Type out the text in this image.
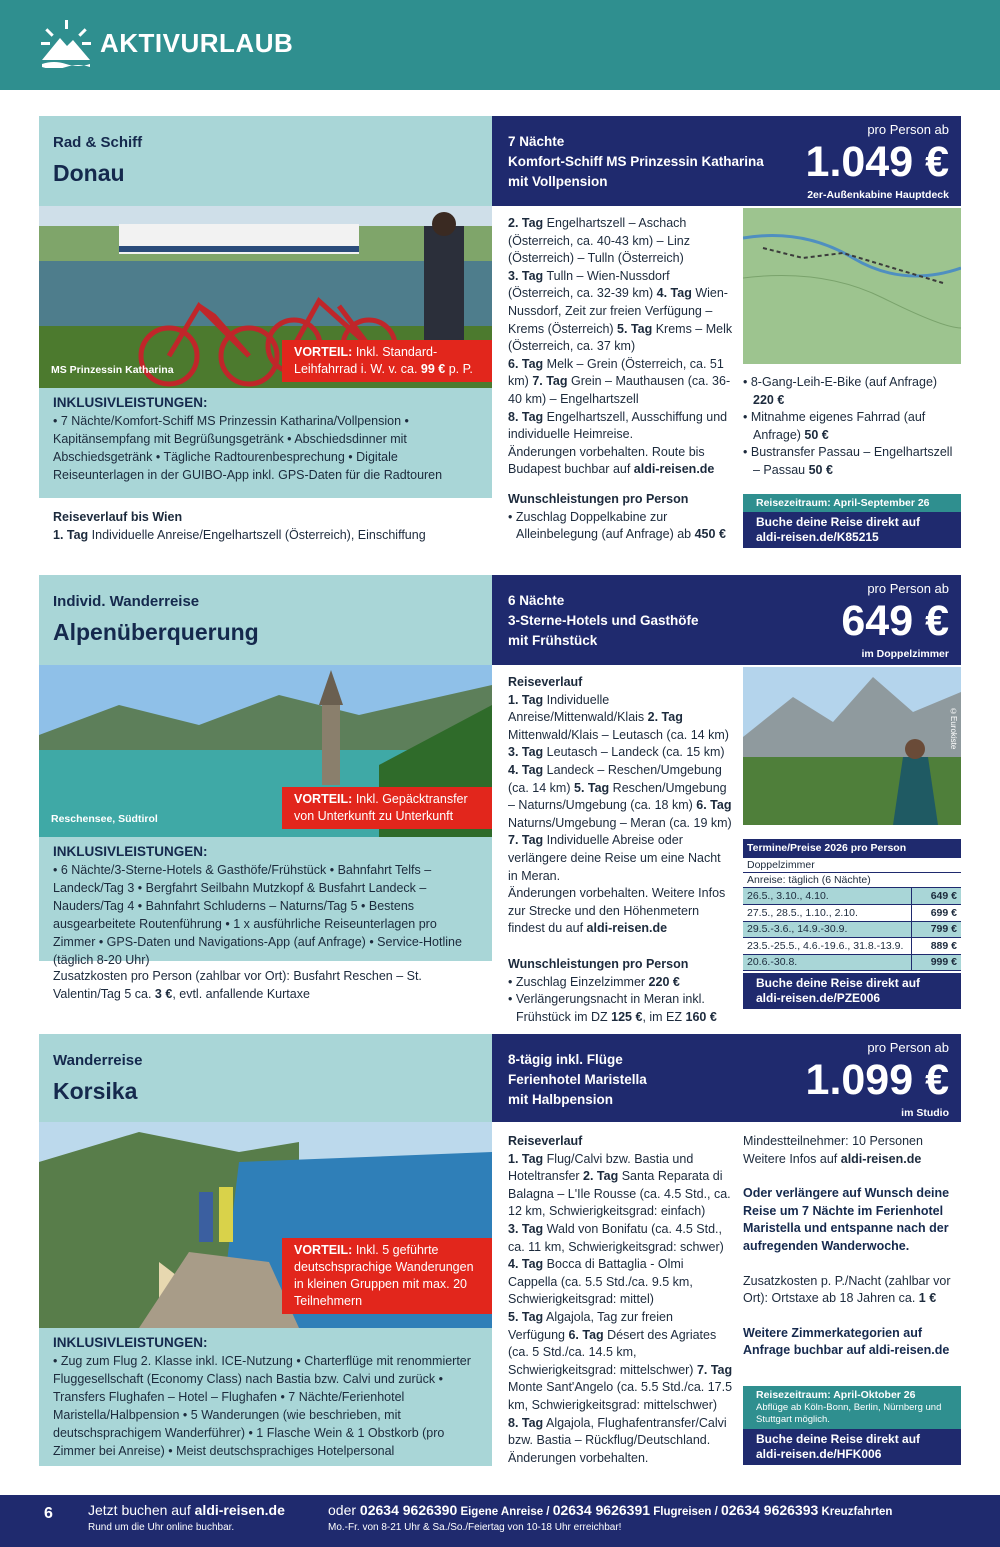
AKTIVURLAUB
Rad & Schiff
Donau
7 Nächte
Komfort-Schiff MS Prinzessin Katharina
mit Vollpension
pro Person ab
1.049 €
2er-Außenkabine Hauptdeck
MS Prinzessin Katharina
VORTEIL: Inkl. Standard-Leihfahrrad i. W. v. ca. 99 € p. P.
INKLUSIVLEISTUNGEN:
• 7 Nächte/Komfort-Schiff MS Prinzessin Katharina/Vollpension • Kapitänsempfang mit Begrüßungsgetränk • Abschiedsdinner mit Abschiedsgetränk • Tägliche Radtourenbesprechung • Digitale Reiseunterlagen in der GUIBO-App inkl. GPS-Daten für die Radtouren
Reiseverlauf bis Wien
1. Tag Individuelle Anreise/Engelhartszell (Österreich), Einschiffung
2. Tag Engelhartszell – Aschach (Österreich, ca. 40-43 km) – Linz (Österreich) – Tulln (Österreich)
3. Tag Tulln – Wien-Nussdorf (Österreich, ca. 32-39 km) 4. Tag Wien-Nussdorf, Zeit zur freien Verfügung – Krems (Österreich) 5. Tag Krems – Melk (Österreich, ca. 37 km)
6. Tag Melk – Grein (Österreich, ca. 51 km) 7. Tag Grein – Mauthausen (ca. 36-40 km) – Engelhartszell
8. Tag Engelhartszell, Ausschiffung und individuelle Heimreise.
Änderungen vorbehalten. Route bis Budapest buchbar auf aldi-reisen.de
Wunschleistungen pro Person
• Zuschlag Doppelkabine zur Alleinbelegung (auf Anfrage) ab 450 €
• 8-Gang-Leih-E-Bike (auf Anfrage) 220 €
• Mitnahme eigenes Fahrrad (auf Anfrage) 50 €
• Bustransfer Passau – Engelhartszell – Passau 50 €
Reisezeitraum: April-September 26
Buche deine Reise direkt auf
aldi-reisen.de/K85215
Individ. Wanderreise
Alpenüberquerung
6 Nächte
3-Sterne-Hotels und Gasthöfe
mit Frühstück
pro Person ab
649 €
im Doppelzimmer
Reschensee, Südtirol
VORTEIL: Inkl. Gepäcktransfer von Unterkunft zu Unterkunft
INKLUSIVLEISTUNGEN:
• 6 Nächte/3-Sterne-Hotels & Gasthöfe/Frühstück • Bahnfahrt Telfs – Landeck/Tag 3 • Bergfahrt Seilbahn Mutzkopf & Busfahrt Landeck – Nauders/Tag 4 • Bahnfahrt Schluderns – Naturns/Tag 5 • Bestens ausgearbeitete Routenführung • 1 x ausführliche Reiseunterlagen pro Zimmer • GPS-Daten und Navigations-App (auf Anfrage) • Service-Hotline (täglich 8-20 Uhr)
Zusatzkosten pro Person (zahlbar vor Ort): Busfahrt Reschen – St. Valentin/Tag 5 ca. 3 €, evtl. anfallende Kurtaxe
Reiseverlauf
1. Tag Individuelle Anreise/Mittenwald/Klais 2. Tag Mittenwald/Klais – Leutasch (ca. 14 km) 3. Tag Leutasch – Landeck (ca. 15 km) 4. Tag Landeck – Reschen/Umgebung (ca. 14 km) 5. Tag Reschen/Umgebung – Naturns/Umgebung (ca. 18 km) 6. Tag Naturns/Umgebung – Meran (ca. 19 km) 7. Tag Individuelle Abreise oder verlängere deine Reise um eine Nacht in Meran.
Änderungen vorbehalten. Weitere Infos zur Strecke und den Höhenmetern findest du auf aldi-reisen.de
Wunschleistungen pro Person
• Zuschlag Einzelzimmer 220 €
• Verlängerungsnacht in Meran inkl. Frühstück im DZ 125 €, im EZ 160 €
©Eurokiste
Termine/Preise 2026 pro Person
Doppelzimmer
Anreise: täglich (6 Nächte)
26.5., 3.10., 4.10.	649 €
27.5., 28.5., 1.10., 2.10.	699 €
29.5.-3.6., 14.9.-30.9.	799 €
23.5.-25.5., 4.6.-19.6., 31.8.-13.9.	889 €
20.6.-30.8.	999 €
Buche deine Reise direkt auf
aldi-reisen.de/PZE006
Wanderreise
Korsika
8-tägig inkl. Flüge
Ferienhotel Maristella
mit Halbpension
pro Person ab
1.099 €
im Studio
VORTEIL: Inkl. 5 geführte deutschsprachige Wanderungen in kleinen Gruppen mit max. 20 Teilnehmern
INKLUSIVLEISTUNGEN:
• Zug zum Flug 2. Klasse inkl. ICE-Nutzung • Charterflüge mit renommierter Fluggesellschaft (Economy Class) nach Bastia bzw. Calvi und zurück • Transfers Flughafen – Hotel – Flughafen • 7 Nächte/Ferienhotel Maristella/Halbpension • 5 Wanderungen (wie beschrieben, mit deutschsprachigem Wanderführer) • 1 Flasche Wein & 1 Obstkorb (pro Zimmer bei Anreise) • Meist deutschsprachiges Hotelpersonal
Reiseverlauf
1. Tag Flug/Calvi bzw. Bastia und Hoteltransfer 2. Tag Santa Reparata di Balagna – L'Ile Rousse (ca. 4.5 Std., ca. 12 km, Schwierigkeitsgrad: einfach)
3. Tag Wald von Bonifatu (ca. 4.5 Std., ca. 11 km, Schwierigkeitsgrad: schwer)
4. Tag Bocca di Battaglia - Olmi Cappella (ca. 5.5 Std./ca. 9.5 km, Schwierigkeitsgrad: mittel)
5. Tag Algajola, Tag zur freien Verfügung 6. Tag Désert des Agriates (ca. 5 Std./ca. 14.5 km, Schwierigkeitsgrad: mittelschwer) 7. Tag Monte Sant'Angelo (ca. 5.5 Std./ca. 17.5 km, Schwierigkeitsgrad: mittelschwer)
8. Tag Algajola, Flughafentransfer/Calvi bzw. Bastia – Rückflug/Deutschland.
Änderungen vorbehalten.
Mindestteilnehmer: 10 Personen
Weitere Infos auf aldi-reisen.de
Oder verlängere auf Wunsch deine Reise um 7 Nächte im Ferienhotel Maristella und entspanne nach der aufregenden Wanderwoche.
Zusatzkosten p. P./Nacht (zahlbar vor Ort): Ortstaxe ab 18 Jahren ca. 1 €
Weitere Zimmerkategorien auf Anfrage buchbar auf aldi-reisen.de
Reisezeitraum: April-Oktober 26
Abflüge ab Köln-Bonn, Berlin, Nürnberg und Stuttgart möglich.
Buche deine Reise direkt auf
aldi-reisen.de/HFK006
6	Jetzt buchen auf aldi-reisen.de
Rund um die Uhr online buchbar.
oder 02634 9626390 Eigene Anreise / 02634 9626391 Flugreisen / 02634 9626393 Kreuzfahrten
Mo.-Fr. von 8-21 Uhr & Sa./So./Feiertag von 10-18 Uhr erreichbar!
